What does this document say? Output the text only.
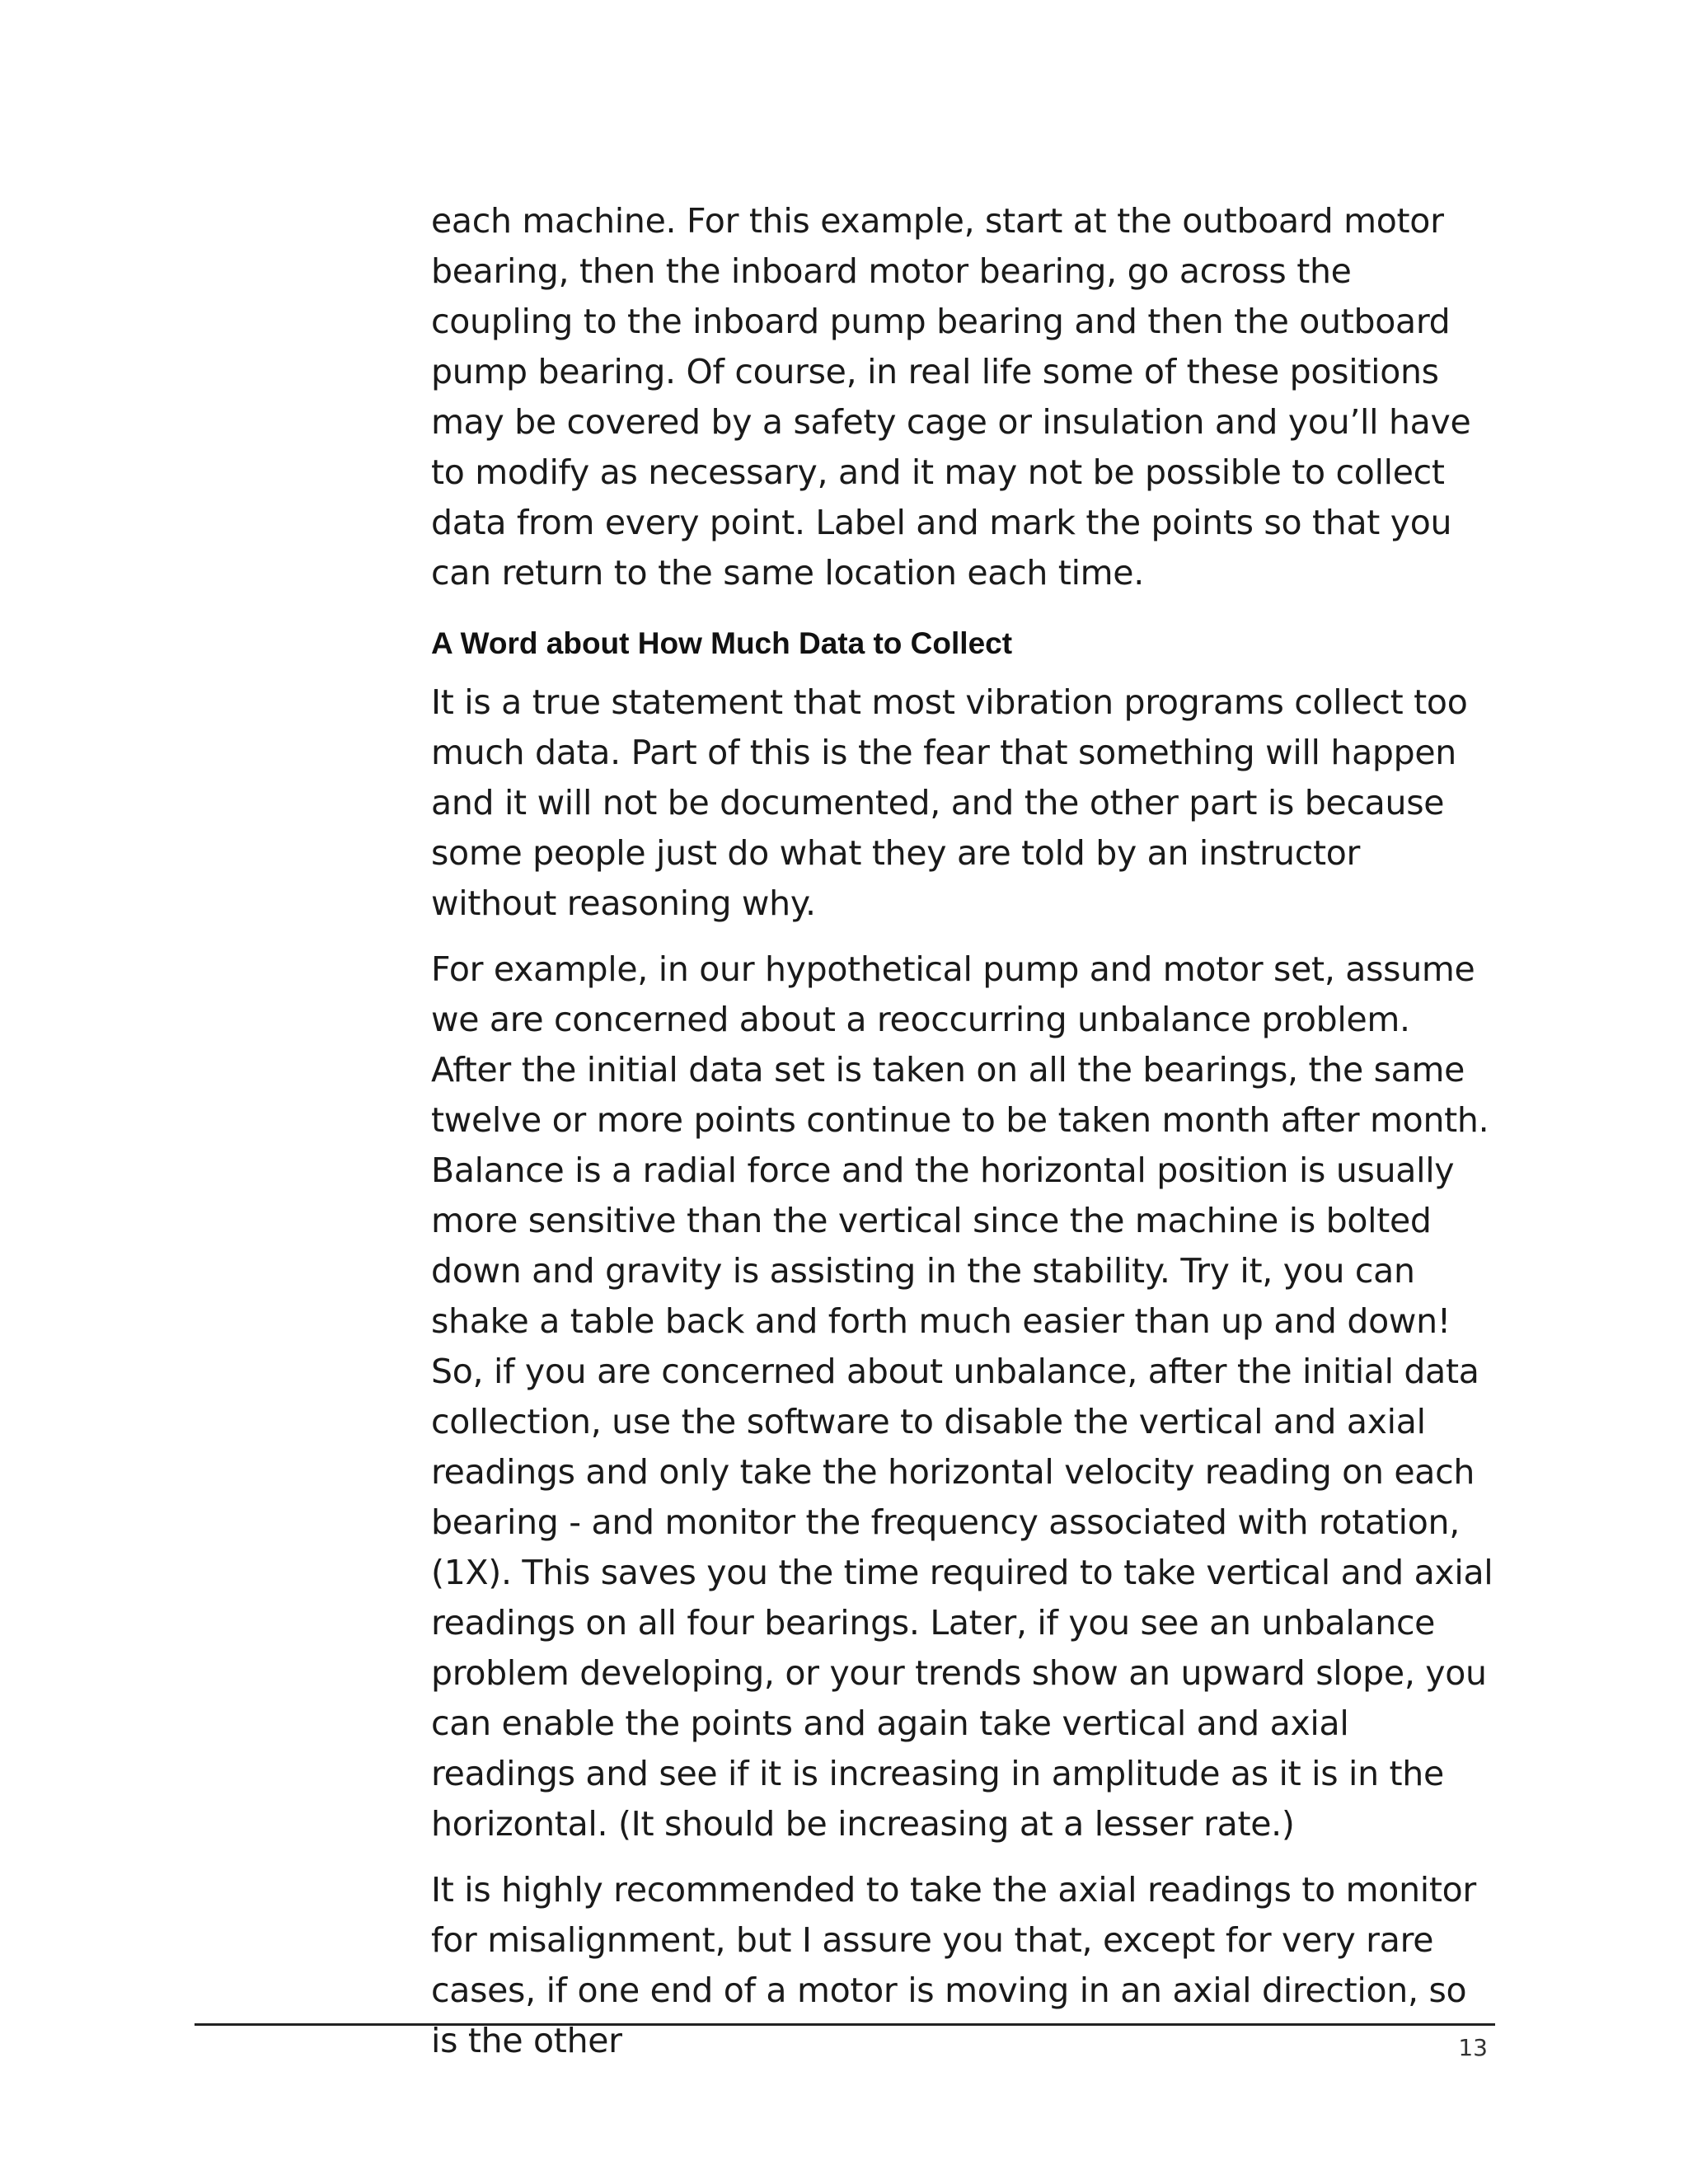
each machine. For this example, start at the outboard motor bearing, then the inboard motor bearing, go across the coupling to the inboard pump bearing and then the outboard pump bearing. Of course, in real life some of these positions may be covered by a safety cage or insulation and you’ll have to modify as necessary, and it may not be possible to collect data from every point. Label and mark the points so that you can return to the same location each time.

A Word about How Much Data to Collect

It is a true statement that most vibration programs collect too much data. Part of this is the fear that something will happen and it will not be documented, and the other part is because some people just do what they are told by an instructor without reasoning why.

For example, in our hypothetical pump and motor set, assume we are concerned about a reoccurring unbalance problem. After the initial data set is taken on all the bearings, the same twelve or more points continue to be taken month after month. Balance is a radial force and the horizontal position is usually more sensitive than the vertical since the machine is bolted down and gravity is assisting in the stability. Try it, you can shake a table back and forth much easier than up and down! So, if you are concerned about unbalance, after the initial data collection, use the software to disable the vertical and axial readings and only take the horizontal velocity reading on each bearing - and monitor the frequency associated with rotation, (1X). This saves you the time required to take vertical and axial readings on all four bearings. Later, if you see an unbalance problem developing, or your trends show an upward slope, you can enable the points and again take vertical and axial readings and see if it is increasing in amplitude as it is in the horizontal. (It should be increasing at a lesser rate.)

It is highly recommended to take the axial readings to monitor for misalignment, but I assure you that, except for very rare cases, if one end of a motor is moving in an axial direction, so is the other	13
